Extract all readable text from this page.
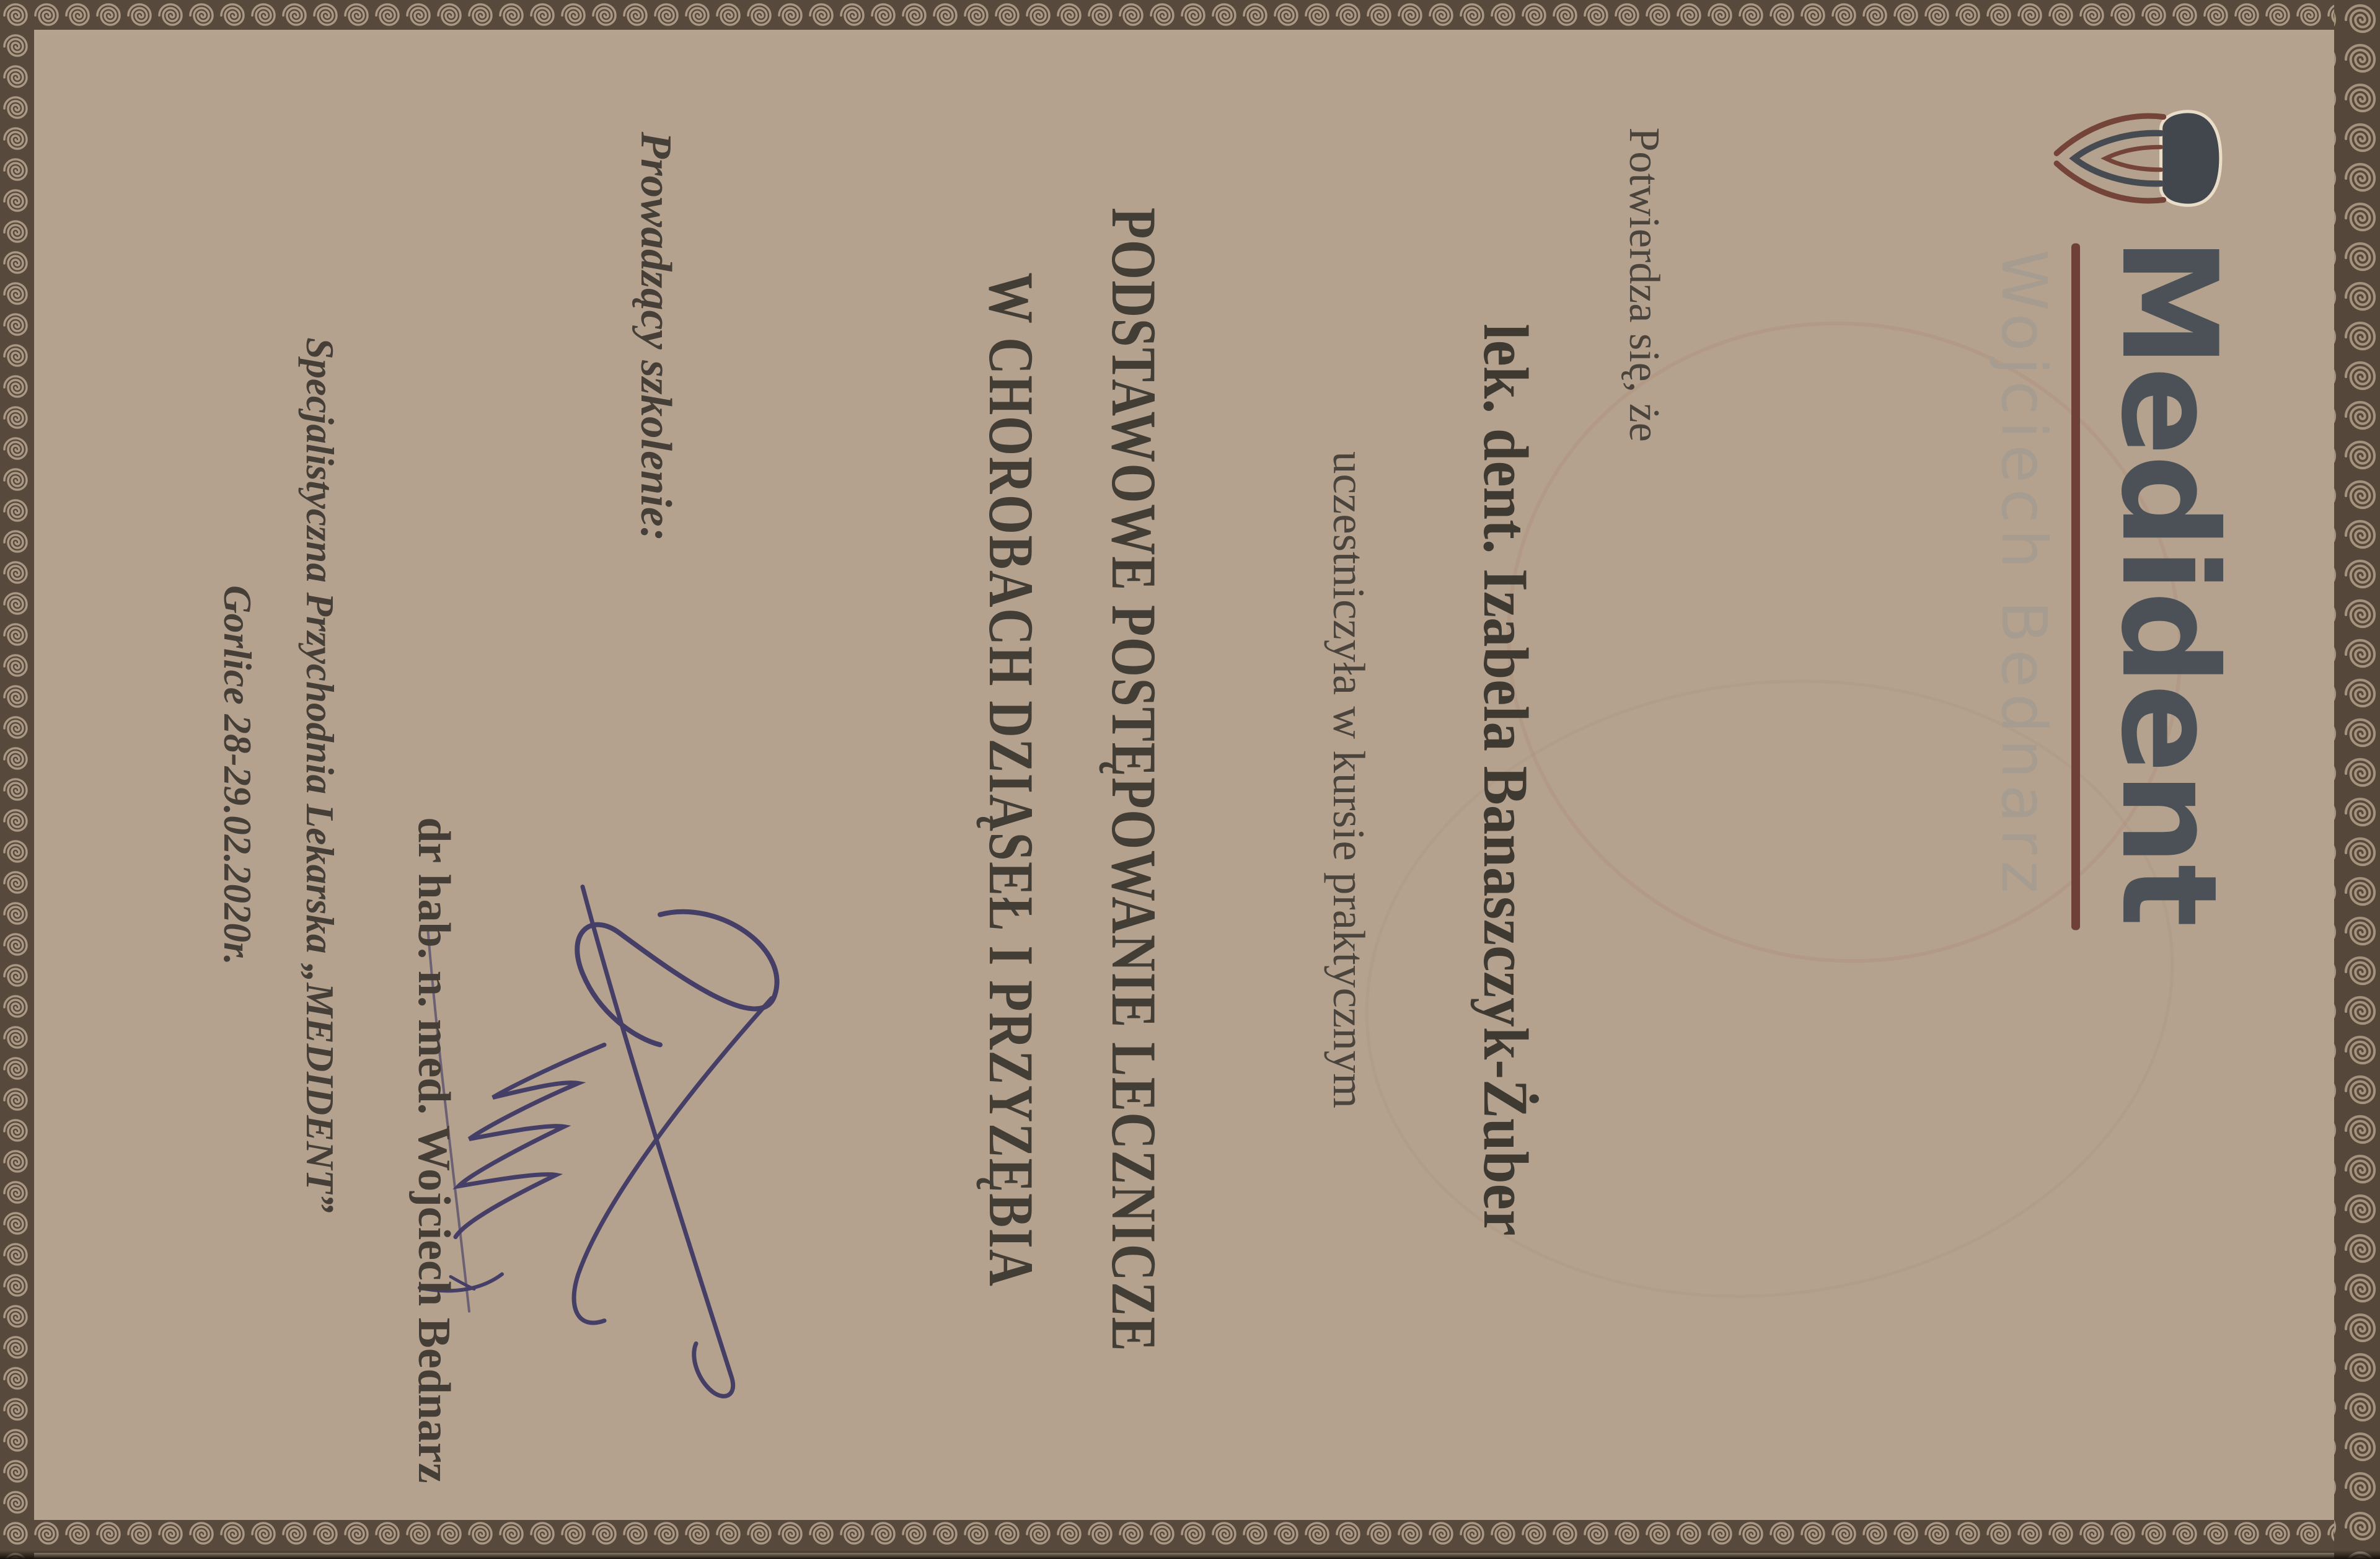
Medident
Wojciech Bednarz
Potwierdza się, że
lek. dent. Izabela Banaszczyk-Żuber
uczestniczyła w kursie praktycznym
PODSTAWOWE POSTĘPOWANIE LECZNICZE
W CHOROBACH DZIĄSEŁ I PRZYZĘBIA
Prowadzący szkolenie:
dr hab. n. med. Wojciech Bednarz
Specjalistyczna Przychodnia Lekarska „MEDIDENT”
Gorlice 28-29.02.2020r.
